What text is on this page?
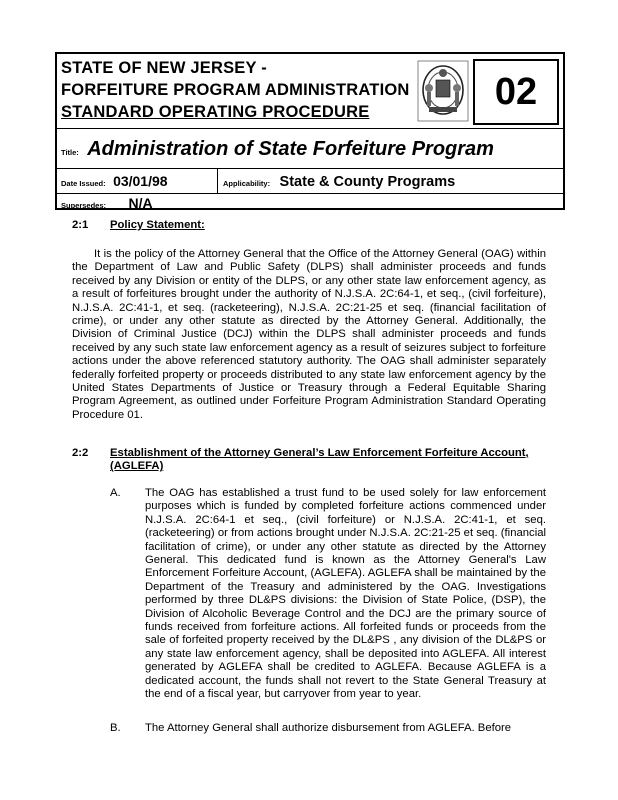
STATE OF NEW JERSEY -
FORFEITURE PROGRAM ADMINISTRATION
STANDARD OPERATING PROCEDURE	02
Title: Administration of State Forfeiture Program
Date Issued: 03/01/98	Applicability: State & County Programs
Supersedes: N/A
2:1 Policy Statement:
It is the policy of the Attorney General that the Office of the Attorney General (OAG) within the Department of Law and Public Safety (DLPS) shall administer proceeds and funds received by any Division or entity of the DLPS, or any other state law enforcement agency, as a result of forfeitures brought under the authority of N.J.S.A. 2C:64-1, et seq., (civil forfeiture), N.J.S.A. 2C:41-1, et seq. (racketeering), N.J.S.A. 2C:21-25 et seq. (financial facilitation of crime), or under any other statute as directed by the Attorney General. Additionally, the Division of Criminal Justice (DCJ) within the DLPS shall administer proceeds and funds received by any such state law enforcement agency as a result of seizures subject to forfeiture actions under the above referenced statutory authority. The OAG shall administer separately federally forfeited property or proceeds distributed to any state law enforcement agency by the United States Departments of Justice or Treasury through a Federal Equitable Sharing Program Agreement, as outlined under Forfeiture Program Administration Standard Operating Procedure 01.
2:2 Establishment of the Attorney General’s Law Enforcement Forfeiture Account,
(AGLEFA)
A. The OAG has established a trust fund to be used solely for law enforcement purposes which is funded by completed forfeiture actions commenced under N.J.S.A. 2C:64-1 et seq., (civil forfeiture) or N.J.S.A. 2C:41-1, et seq. (racketeering) or from actions brought under N.J.S.A. 2C:21-25 et seq. (financial facilitation of crime), or under any other statute as directed by the Attorney General. This dedicated fund is known as the Attorney General's Law Enforcement Forfeiture Account, (AGLEFA). AGLEFA shall be maintained by the Department of the Treasury and administered by the OAG. Investigations performed by three DL&PS divisions: the Division of State Police, (DSP), the Division of Alcoholic Beverage Control and the DCJ are the primary source of funds received from forfeiture actions. All forfeited funds or proceeds from the sale of forfeited property received by the DL&PS , any division of the DL&PS or any state law enforcement agency, shall be deposited into AGLEFA. All interest generated by AGLEFA shall be credited to AGLEFA. Because AGLEFA is a dedicated account, the funds shall not revert to the State General Treasury at the end of a fiscal year, but carryover from year to year.
B. The Attorney General shall authorize disbursement from AGLEFA. Before
